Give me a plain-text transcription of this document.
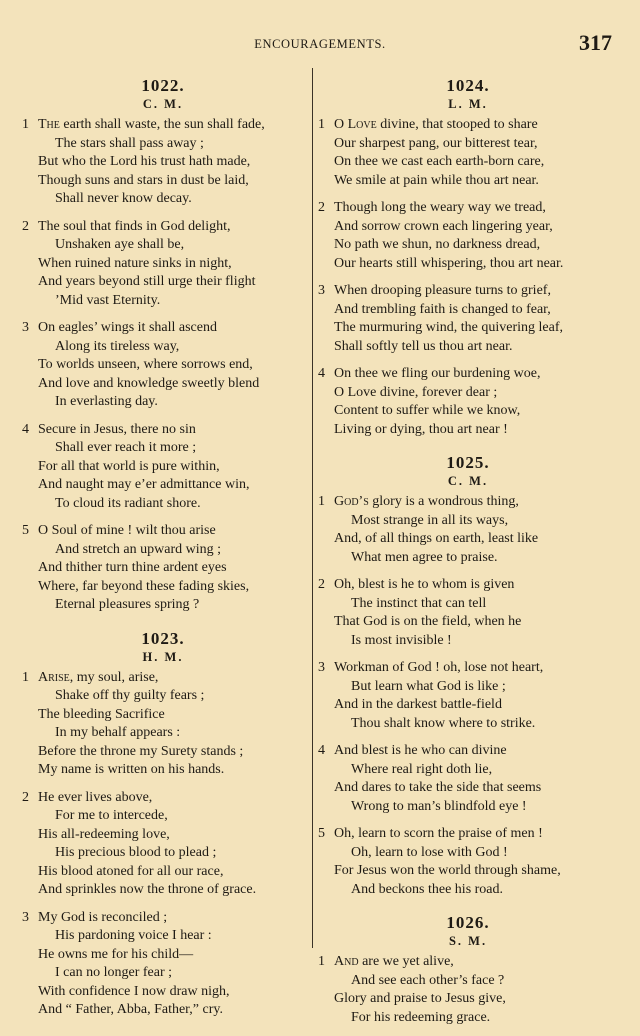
ENCOURAGEMENTS.	317
1022.
C. M.
1 The earth shall waste, the sun shall fade,
The stars shall pass away ;
But who the Lord his trust hath made,
Though suns and stars in dust be laid,
Shall never know decay.
2 The soul that finds in God delight,
Unshaken aye shall be,
When ruined nature sinks in night,
And years beyond still urge their flight
’Mid vast Eternity.
3 On eagles’ wings it shall ascend
Along its tireless way,
To worlds unseen, where sorrows end,
And love and knowledge sweetly blend
In everlasting day.
4 Secure in Jesus, there no sin
Shall ever reach it more ;
For all that world is pure within,
And naught may e’er admittance win,
To cloud its radiant shore.
5 O Soul of mine ! wilt thou arise
And stretch an upward wing ;
And thither turn thine ardent eyes
Where, far beyond these fading skies,
Eternal pleasures spring ?
1023.
H. M.
1 Arise, my soul, arise,
Shake off thy guilty fears ;
The bleeding Sacrifice
In my behalf appears :
Before the throne my Surety stands ;
My name is written on his hands.
2 He ever lives above,
For me to intercede,
His all-redeeming love,
His precious blood to plead ;
His blood atoned for all our race,
And sprinkles now the throne of grace.
3 My God is reconciled ;
His pardoning voice I hear :
He owns me for his child—
I can no longer fear ;
With confidence I now draw nigh,
And “ Father, Abba, Father,” cry.
1024.
L. M.
1 O Love divine, that stooped to share
Our sharpest pang, our bitterest tear,
On thee we cast each earth-born care,
We smile at pain while thou art near.
2 Though long the weary way we tread,
And sorrow crown each lingering year,
No path we shun, no darkness dread,
Our hearts still whispering, thou art near.
3 When drooping pleasure turns to grief,
And trembling faith is changed to fear,
The murmuring wind, the quivering leaf,
Shall softly tell us thou art near.
4 On thee we fling our burdening woe,
O Love divine, forever dear ;
Content to suffer while we know,
Living or dying, thou art near !
1025.
C. M.
1 God’s glory is a wondrous thing,
Most strange in all its ways,
And, of all things on earth, least like
What men agree to praise.
2 Oh, blest is he to whom is given
The instinct that can tell
That God is on the field, when he
Is most invisible !
3 Workman of God ! oh, lose not heart,
But learn what God is like ;
And in the darkest battle-field
Thou shalt know where to strike.
4 And blest is he who can divine
Where real right doth lie,
And dares to take the side that seems
Wrong to man’s blindfold eye !
5 Oh, learn to scorn the praise of men !
Oh, learn to lose with God !
For Jesus won the world through shame,
And beckons thee his road.
1026.
S. M.
1 And are we yet alive,
And see each other’s face ?
Glory and praise to Jesus give,
For his redeeming grace.
